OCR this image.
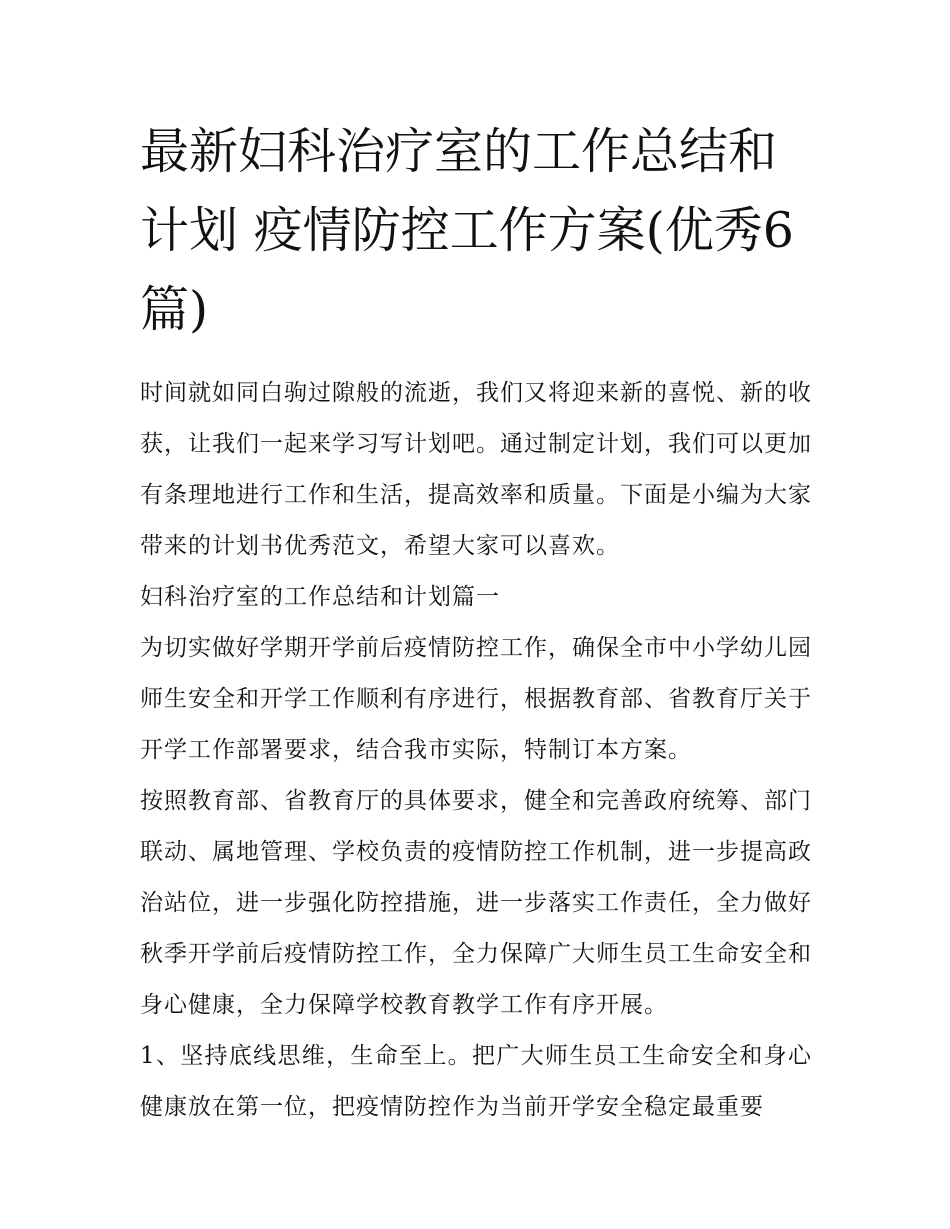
最新妇科治疗室的工作总结和计划 疫情防控工作方案(优秀6篇)

时间就如同白驹过隙般的流逝，我们又将迎来新的喜悦、新的收获，让我们一起来学习写计划吧。通过制定计划，我们可以更加有条理地进行工作和生活，提高效率和质量。下面是小编为大家带来的计划书优秀范文，希望大家可以喜欢。

妇科治疗室的工作总结和计划篇一

为切实做好学期开学前后疫情防控工作，确保全市中小学幼儿园师生安全和开学工作顺利有序进行，根据教育部、省教育厅关于开学工作部署要求，结合我市实际，特制订本方案。

按照教育部、省教育厅的具体要求，健全和完善政府统筹、部门联动、属地管理、学校负责的疫情防控工作机制，进一步提高政治站位，进一步强化防控措施，进一步落实工作责任，全力做好秋季开学前后疫情防控工作，全力保障广大师生员工生命安全和身心健康，全力保障学校教育教学工作有序开展。

1、坚持底线思维，生命至上。把广大师生员工生命安全和身心健康放在第一位，把疫情防控作为当前开学安全稳定最重要
